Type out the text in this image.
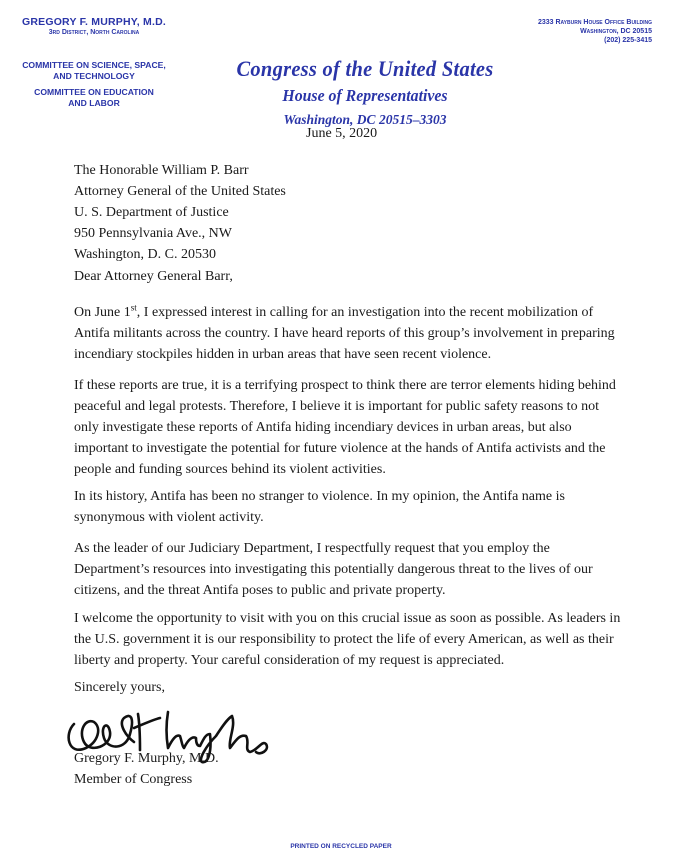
GREGORY F. MURPHY, M.D.
3rd District, North Carolina
COMMITTEE ON SCIENCE, SPACE,
AND TECHNOLOGY
COMMITTEE ON EDUCATION
AND LABOR
2333 Rayburn House Office Building
Washington, DC 20515
(202) 225-3415
Congress of the United States
House of Representatives
Washington, DC 20515–3303
June 5, 2020
The Honorable William P. Barr
Attorney General of the United States
U. S. Department of Justice
950 Pennsylvania Ave., NW
Washington, D. C. 20530

Dear Attorney General Barr,

On June 1st, I expressed interest in calling for an investigation into the recent mobilization of Antifa militants across the country. I have heard reports of this group’s involvement in preparing incendiary stockpiles hidden in urban areas that have seen recent violence.

If these reports are true, it is a terrifying prospect to think there are terror elements hiding behind peaceful and legal protests. Therefore, I believe it is important for public safety reasons to not only investigate these reports of Antifa hiding incendiary devices in urban areas, but also important to investigate the potential for future violence at the hands of Antifa activists and the people and funding sources behind its violent activities.

In its history, Antifa has been no stranger to violence. In my opinion, the Antifa name is synonymous with violent activity.

As the leader of our Judiciary Department, I respectfully request that you employ the Department’s resources into investigating this potentially dangerous threat to the lives of our citizens, and the threat Antifa poses to public and private property.

I welcome the opportunity to visit with you on this crucial issue as soon as possible. As leaders in the U.S. government it is our responsibility to protect the life of every American, as well as their liberty and property. Your careful consideration of my request is appreciated.

Sincerely yours,

Gregory F. Murphy, M.D.
Member of Congress
PRINTED ON RECYCLED PAPER
